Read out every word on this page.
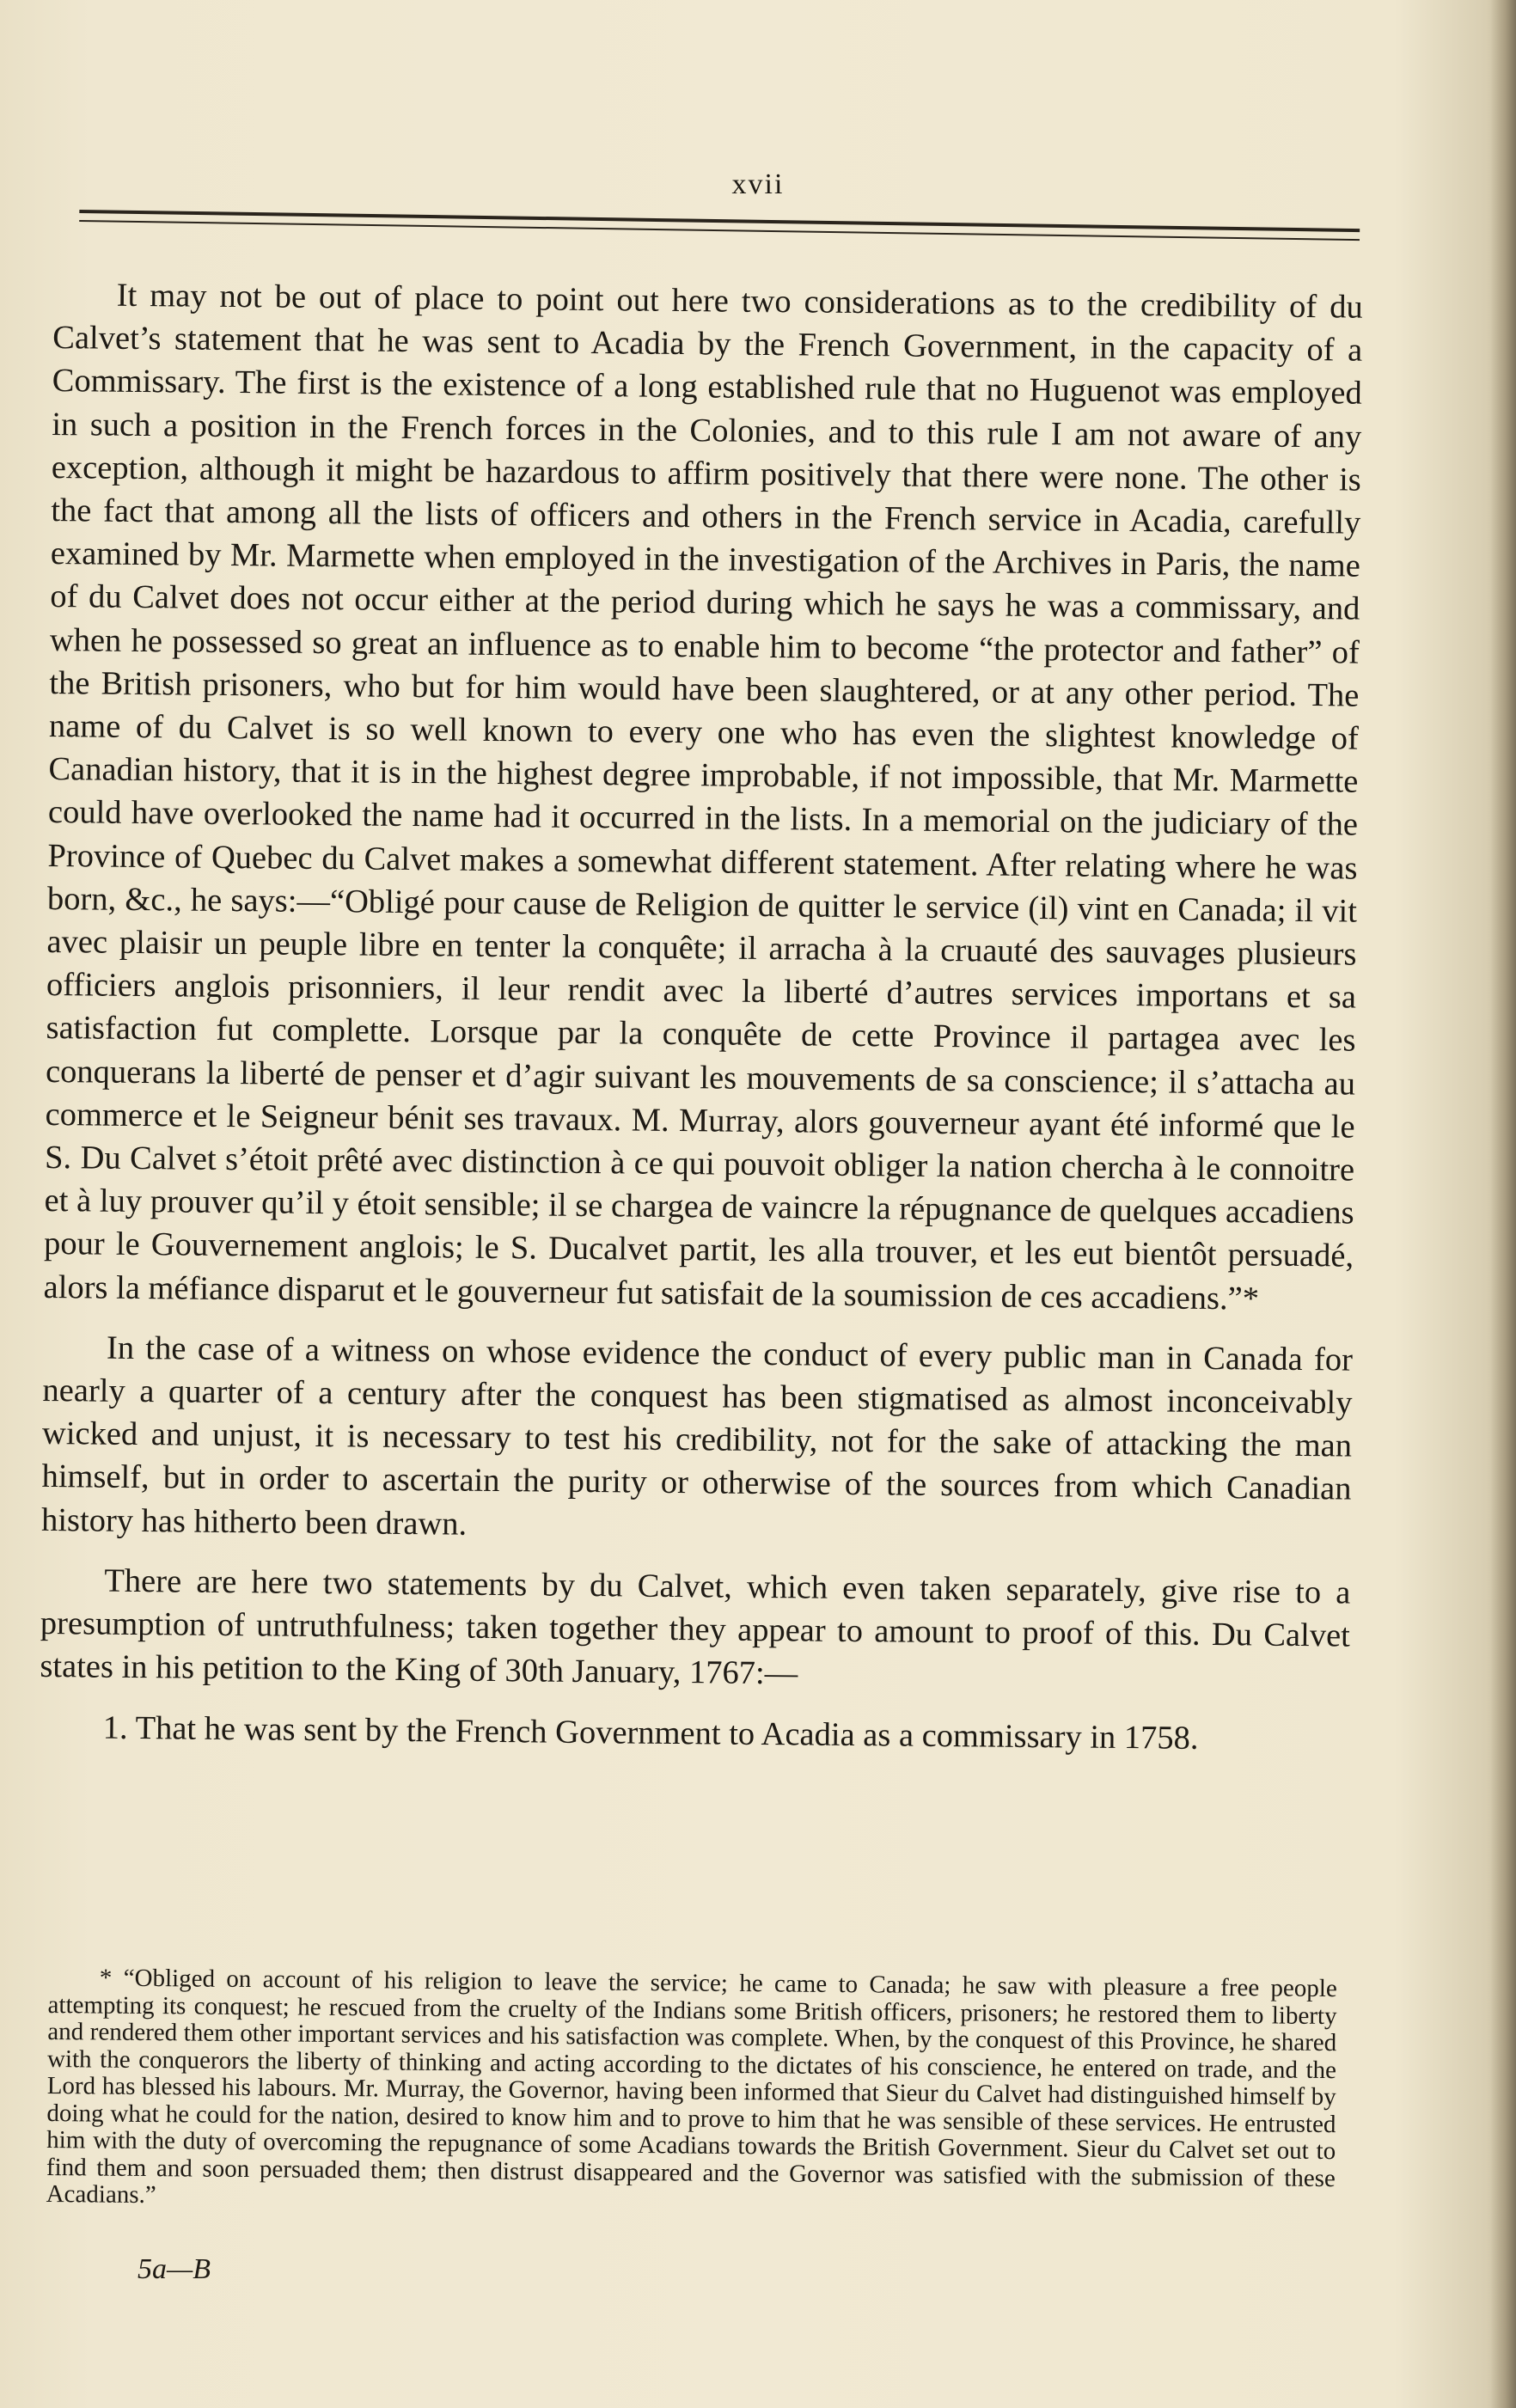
xvii

It may not be out of place to point out here two considerations as to the credibility of du Calvet’s statement that he was sent to Acadia by the French Government, in the capacity of a Commissary. The first is the existence of a long established rule that no Huguenot was employed in such a position in the French forces in the Colonies, and to this rule I am not aware of any exception, although it might be hazardous to affirm positively that there were none. The other is the fact that among all the lists of officers and others in the French service in Acadia, carefully examined by Mr. Marmette when employed in the investigation of the Archives in Paris, the name of du Calvet does not occur either at the period during which he says he was a commissary, and when he possessed so great an influence as to enable him to become “the protector and father” of the British prisoners, who but for him would have been slaughtered, or at any other period. The name of du Calvet is so well known to every one who has even the slightest knowledge of Canadian history, that it is in the highest degree improbable, if not impossible, that Mr. Marmette could have overlooked the name had it occurred in the lists. In a memorial on the judiciary of the Province of Quebec du Calvet makes a somewhat different statement. After relating where he was born, &c., he says:—“Obligé pour cause de Religion de quitter le service (il) vint en Canada; il vit avec plaisir un peuple libre en tenter la conquête; il arracha à la cruauté des sauvages plusieurs officiers anglois prisonniers, il leur rendit avec la liberté d’autres services importans et sa satisfaction fut complette. Lorsque par la conquête de cette Province il partagea avec les conquerans la liberté de penser et d’agir suivant les mouvements de sa conscience; il s’attacha au commerce et le Seigneur bénit ses travaux. M. Murray, alors gouverneur ayant été informé que le S. Du Calvet s’étoit prêté avec distinction à ce qui pouvoit obliger la nation chercha à le connoitre et à luy prouver qu’il y étoit sensible; il se chargea de vaincre la répugnance de quelques accadiens pour le Gouvernement anglois; le S. Ducalvet partit, les alla trouver, et les eut bientôt persuadé, alors la méfiance disparut et le gouverneur fut satisfait de la soumission de ces accadiens.”*

In the case of a witness on whose evidence the conduct of every public man in Canada for nearly a quarter of a century after the conquest has been stigmatised as almost inconceivably wicked and unjust, it is necessary to test his credibility, not for the sake of attacking the man himself, but in order to ascertain the purity or otherwise of the sources from which Canadian history has hitherto been drawn.

There are here two statements by du Calvet, which even taken separately, give rise to a presumption of untruthfulness; taken together they appear to amount to proof of this. Du Calvet states in his petition to the King of 30th January, 1767:—

1. That he was sent by the French Government to Acadia as a commissary in 1758.

* “Obliged on account of his religion to leave the service; he came to Canada; he saw with pleasure a free people attempting its conquest; he rescued from the cruelty of the Indians some British officers, prisoners; he restored them to liberty and rendered them other important services and his satisfaction was complete. When, by the conquest of this Province, he shared with the conquerors the liberty of thinking and acting according to the dictates of his conscience, he entered on trade, and the Lord has blessed his labours. Mr. Murray, the Governor, having been informed that Sieur du Calvet had distinguished himself by doing what he could for the nation, desired to know him and to prove to him that he was sensible of these services. He entrusted him with the duty of overcoming the repugnance of some Acadians towards the British Government. Sieur du Calvet set out to find them and soon persuaded them; then distrust disappeared and the Governor was satisfied with the submission of these Acadians.”

5a—B
